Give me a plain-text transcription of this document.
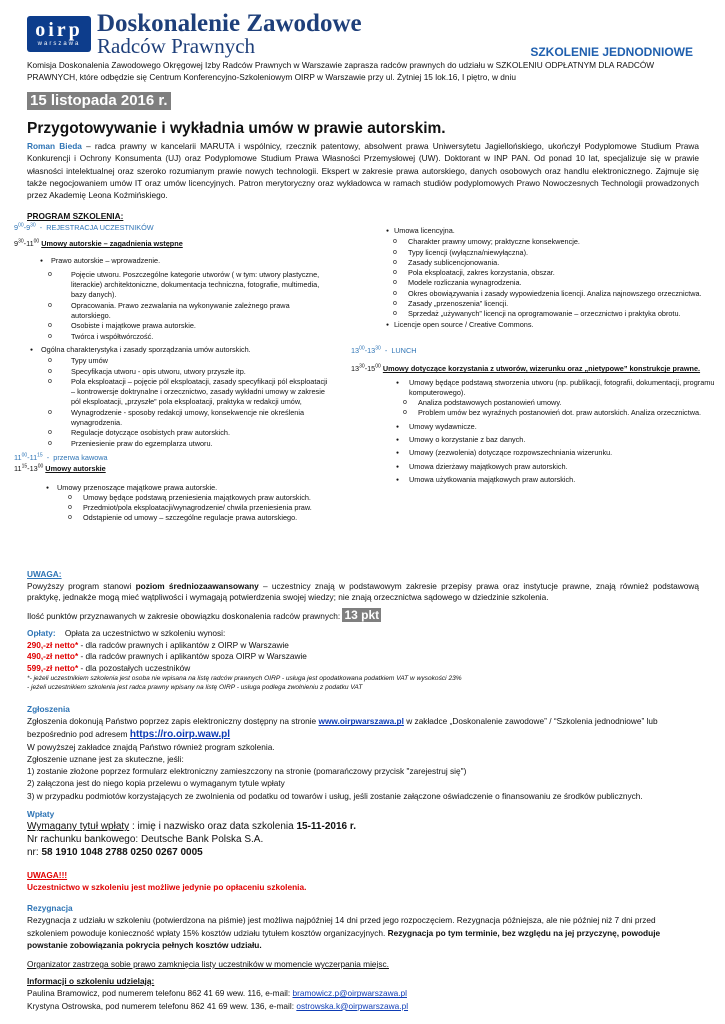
oirp
warszawa
Doskonalenie Zawodowe
Radców Prawnych	SZKOLENIE JEDNODNIOWE
Komisja Doskonalenia Zawodowego Okręgowej Izby Radców Prawnych w Warszawie zaprasza radców prawnych do udziału w SZKOLENIU ODPŁATNYM DLA RADCÓW PRAWNYCH, które odbędzie się Centrum Konferencyjno-Szkoleniowym OIRP w Warszawie przy ul. Żytniej 15 lok.16, I piętro, w dniu
15 listopada 2016 r.
Przygotowywanie i wykładnia umów w prawie autorskim.
Roman Bieda – radca prawny w kancelarii MARUTA i wspólnicy, rzecznik patentowy, absolwent prawa Uniwersytetu Jagiellońskiego, ukończył Podyplomowe Studium Prawa Konkurencji i Ochrony Konsumenta (UJ) oraz Podyplomowe Studium Prawa Własności Przemysłowej (UW). Doktorant w INP PAN. Od ponad 10 lat, specjalizuje się w prawie własności intelektualnej oraz szeroko rozumianym prawie nowych technologii. Ekspert w zakresie prawa autorskiego, danych osobowych oraz handlu elektronicznego. Zajmuje się także negocjowaniem umów IT oraz umów licencyjnych. Patron merytoryczny oraz wykładowca w ramach studiów podyplomowych Prawo Nowoczesnych Technologii prowadzonych przez Akademię Leona Koźmińskiego.
PROGRAM SZKOLENIA:
$9^{00}-9^{30}$  -  REJESTRACJA UCZESTNIKÓW
$9^{30}-11^{00}$ Umowy autorskie – zagadnienia wstępne
● Prawo autorskie – wprowadzenie.
o Pojęcie utworu. Poszczególne kategorie utworów ( w tym: utwory plastyczne, literackie) architektoniczne, dokumentacja techniczna, fotografie, multimedia, bazy danych).
o Opracowania. Prawo zezwalania na wykonywanie zależnego prawa autorskiego.
o Osobiste i majątkowe prawa autorskie.
o Twórca i współtwórczość.
● Ogólna charakterystyka i zasady sporządzania umów autorskich.
o Typy umów
o Specyfikacja utworu - opis utworu, utwory przyszłe itp.
o Pola eksploatacji – pojęcie pól eksploatacji, zasady specyfikacji pól eksploatacji – kontrowersje doktrynalne i orzecznictwo, zasady wykładni umowy w zakresie pól eksploatacji, „przyszłe” pola eksploatacji, praktyka w redakcji umów,
o Wynagrodzenie - sposoby redakcji umowy, konsekwencje nie określenia wynagrodzenia.
o Regulacje dotyczące osobistych praw autorskich.
o Przeniesienie praw do egzemplarza utworu.
$11^{00}-11^{15}$  -  przerwa kawowa
$11^{15}-13^{00}$ Umowy autorskie
● Umowy przenoszące majątkowe prawa autorskie.
o Umowy będące podstawą przeniesienia majątkowych praw autorskich.
o Przedmiot/pola eksploatacji/wynagrodzenie/ chwila przeniesienia praw.
o Odstąpienie od umowy – szczególne regulacje prawa autorskiego.
● Umowa licencyjna.
o Charakter prawny umowy; praktyczne konsekwencje.
o Typy licencji (wyłączna/niewyłączna).
o Zasady sublicencjonowania.
o Pola eksploatacji, zakres korzystania, obszar.
o Modele rozliczania wynagrodzenia.
o Okres obowiązywania i zasady wypowiedzenia licencji. Analiza najnowszego orzecznictwa.
o Zasady „przenoszenia” licencji.
o Sprzedaż „używanych” licencji na oprogramowanie – orzecznictwo i praktyka obrotu.
● Licencje open source / Creative Commons.
$13^{00}-13^{30}$  -  LUNCH
$13^{30}-15^{00}$ Umowy dotyczące korzystania z utworów, wizerunku oraz „nietypowe” konstrukcje prawne.
● Umowy będące podstawą stworzenia utworu (np. publikacji, fotografii, dokumentacji, programu komputerowego).
o Analiza podstawowych postanowień umowy.
o Problem umów bez wyraźnych postanowień dot. praw autorskich. Analiza orzecznictwa.
● Umowy wydawnicze.
● Umowy o korzystanie z baz danych.
● Umowy (zezwolenia) dotyczące rozpowszechniania wizerunku.
● Umowa dzierżawy majątkowych praw autorskich.
● Umowa użytkowania majątkowych praw autorskich.
UWAGA:
Powyższy program stanowi poziom średniozaawansowany – uczestnicy znają w podstawowym zakresie przepisy prawa oraz instytucje prawne, znają również podstawową praktykę, jednakże mogą mieć wątpliwości i wymagają potwierdzenia swojej wiedzy; nie znają orzecznictwa sądowego w dziedzinie szkolenia.
Ilość punktów przyznawanych w zakresie obowiązku doskonalenia radców prawnych: 13 pkt
Opłaty: Opłata za uczestnictwo w szkoleniu wynosi:
290,-zł netto* - dla radców prawnych i aplikantów z OIRP w Warszawie
490,-zł netto* - dla radców prawnych i aplikantów spoza OIRP w Warszawie
599,-zł netto* - dla pozostałych uczestników
*- jeżeli uczestnikiem szkolenia jest osoba nie wpisana na listę radców prawnych OIRP - usługa jest opodatkowana podatkiem VAT w wysokości 23%
- jeżeli uczestnikiem szkolenia jest radca prawny wpisany na listę OIRP - usługa podlega zwolnieniu z podatku VAT
Zgłoszenia
Zgłoszenia dokonują Państwo poprzez zapis elektroniczny dostępny na stronie www.oirpwarszawa.pl w zakładce „Doskonalenie zawodowe” / “Szkolenia jednodniowe” lub bezpośrednio pod adresem https://ro.oirp.waw.pl
W powyższej zakładce znajdą Państwo również program szkolenia.
Zgłoszenie uznane jest za skuteczne, jeśli:
1) zostanie złożone poprzez formularz elektroniczny zamieszczony na stronie (pomarańczowy przycisk "zarejestruj się")
2) załączona jest do niego kopia przelewu o wymaganym tytule wpłaty
3) w przypadku podmiotów korzystających ze zwolnienia od podatku od towarów i usług, jeśli zostanie załączone oświadczenie o finansowaniu ze środków publicznych.
Wpłaty
Wymagany tytuł wpłaty : imię i nazwisko oraz data szkolenia 15-11-2016 r.
Nr rachunku bankowego: Deutsche Bank Polska S.A.
nr: 58 1910 1048 2788 0250 0267 0005
UWAGA!!!
Uczestnictwo w szkoleniu jest możliwe jedynie po opłaceniu szkolenia.
Rezygnacja
Rezygnacja z udziału w szkoleniu (potwierdzona na piśmie) jest możliwa najpóźniej 14 dni przed jego rozpoczęciem. Rezygnacja późniejsza, ale nie później niż 7 dni przed szkoleniem powoduje konieczność wpłaty 15% kosztów udziału tytułem kosztów organizacyjnych. Rezygnacja po tym terminie, bez względu na jej przyczynę, powoduje powstanie zobowiązania pokrycia pełnych kosztów udziału.
Organizator zastrzega sobie prawo zamknięcia listy uczestników w momencie wyczerpania miejsc.
Informacji o szkoleniu udzielają:
Paulina Bramowicz, pod numerem telefonu 862 41 69 wew. 116, e-mail: bramowicz.p@oirpwarszawa.pl
Krystyna Ostrowska, pod numerem telefonu 862 41 69 wew. 136, e-mail: ostrowska.k@oirpwarszawa.pl
